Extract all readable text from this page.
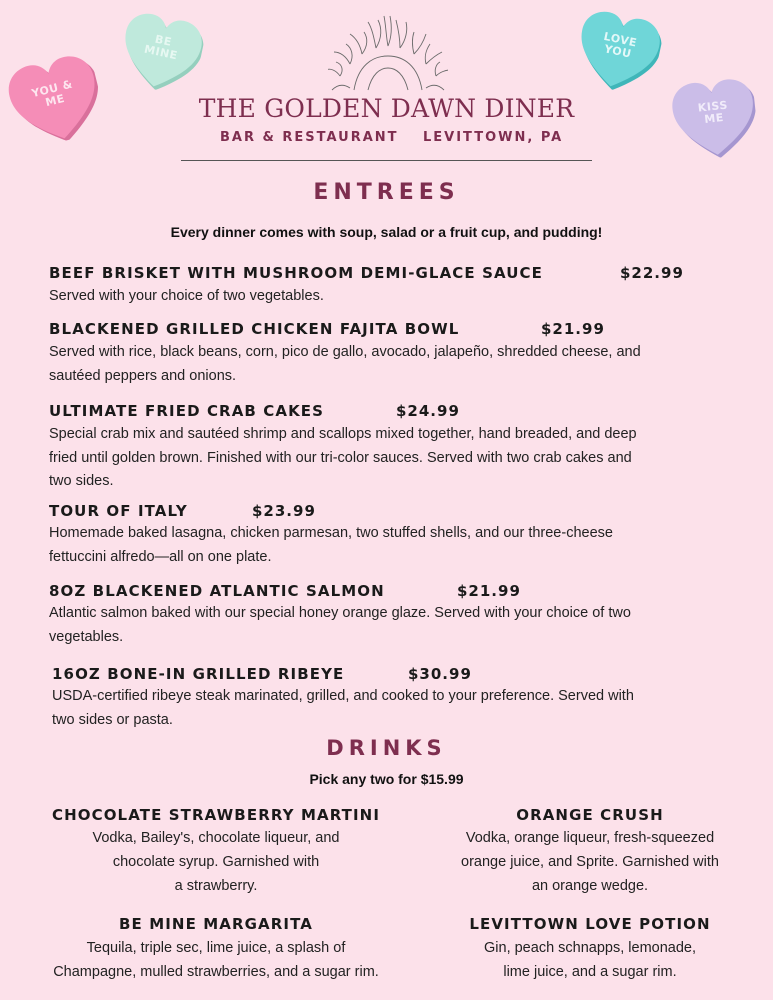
YOU &
ME
BE
MINE
LOVE
YOU
KISS
ME
THE GOLDEN DAWN DINER
BAR & RESTAURANT LEVITTOWN, PA
ENTREES
Every dinner comes with soup, salad or a fruit cup, and pudding!
BEEF BRISKET WITH MUSHROOM DEMI-GLACE SAUCE	$22.99
Served with your choice of two vegetables.
BLACKENED GRILLED CHICKEN FAJITA BOWL	$21.99
Served with rice, black beans, corn, pico de gallo, avocado, jalapeño, shredded cheese, and
sautéed peppers and onions.
ULTIMATE FRIED CRAB CAKES	$24.99
Special crab mix and sautéed shrimp and scallops mixed together, hand breaded, and deep
fried until golden brown. Finished with our tri-color sauces. Served with two crab cakes and
two sides.
TOUR OF ITALY	$23.99
Homemade baked lasagna, chicken parmesan, two stuffed shells, and our three-cheese
fettuccini alfredo—all on one plate.
8OZ BLACKENED ATLANTIC SALMON	$21.99
Atlantic salmon baked with our special honey orange glaze. Served with your choice of two
vegetables.
16OZ BONE-IN GRILLED RIBEYE	$30.99
USDA-certified ribeye steak marinated, grilled, and cooked to your preference. Served with
two sides or pasta.
DRINKS
Pick any two for $15.99
CHOCOLATE STRAWBERRY MARTINI
Vodka, Bailey's, chocolate liqueur, and
chocolate syrup. Garnished with
a strawberry.
ORANGE CRUSH
Vodka, orange liqueur, fresh-squeezed
orange juice, and Sprite. Garnished with
an orange wedge.
BE MINE MARGARITA
Tequila, triple sec, lime juice, a splash of
Champagne, mulled strawberries, and a sugar rim.
LEVITTOWN LOVE POTION
Gin, peach schnapps, lemonade,
lime juice, and a sugar rim.
